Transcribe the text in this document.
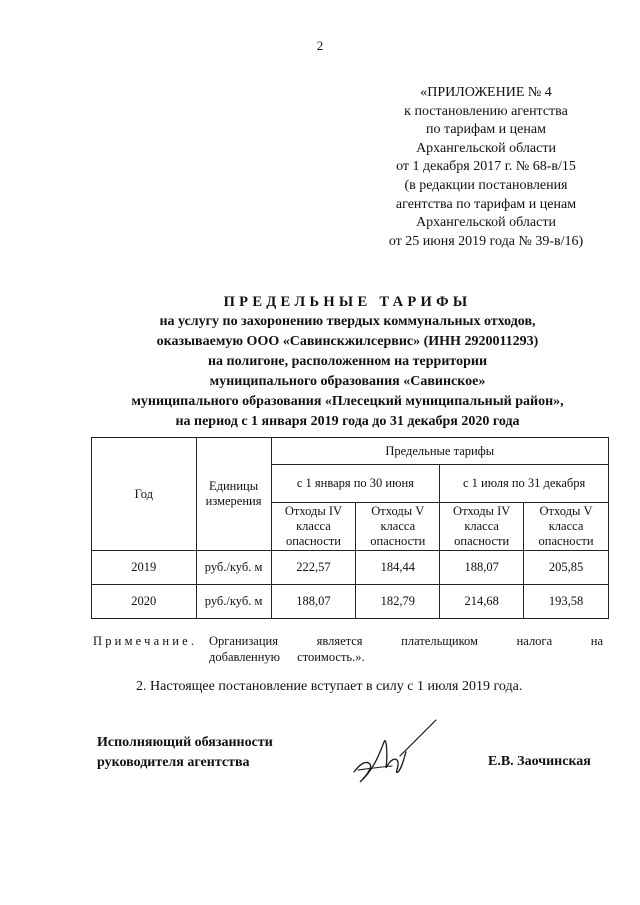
2
«ПРИЛОЖЕНИЕ № 4
к постановлению агентства
по тарифам и ценам
Архангельской области
от 1 декабря 2017 г. № 68-в/15
(в редакции постановления
агентства по тарифам и ценам
Архангельской области
от 25 июня 2019 года № 39-в/16)
ПРЕДЕЛЬНЫЕ ТАРИФЫ
на услугу по захоронению твердых коммунальных отходов,
оказываемую ООО «Савинскжилсервис» (ИНН 2920011293)
на полигоне, расположенном на территории
муниципального образования «Савинское»
муниципального образования «Плесецкий муниципальный район»,
на период с 1 января 2019 года до 31 декабря 2020 года
Год	Единицы измерения	Предельные тарифы			
		с 1 января по 30 июня		с 1 июля по 31 декабря	
		Отходы IV класса опасности	Отходы V класса опасности	Отходы IV класса опасности	Отходы V класса опасности
2019	руб./куб. м	222,57	184,44	188,07	205,85
2020	руб./куб. м	188,07	182,79	214,68	193,58
Примечание. Организация является плательщиком налога на добавленную стоимость.».
2. Настоящее постановление вступает в силу с 1 июля 2019 года.
Исполняющий обязанности
руководителя агентства	Е.В. Заочинская
